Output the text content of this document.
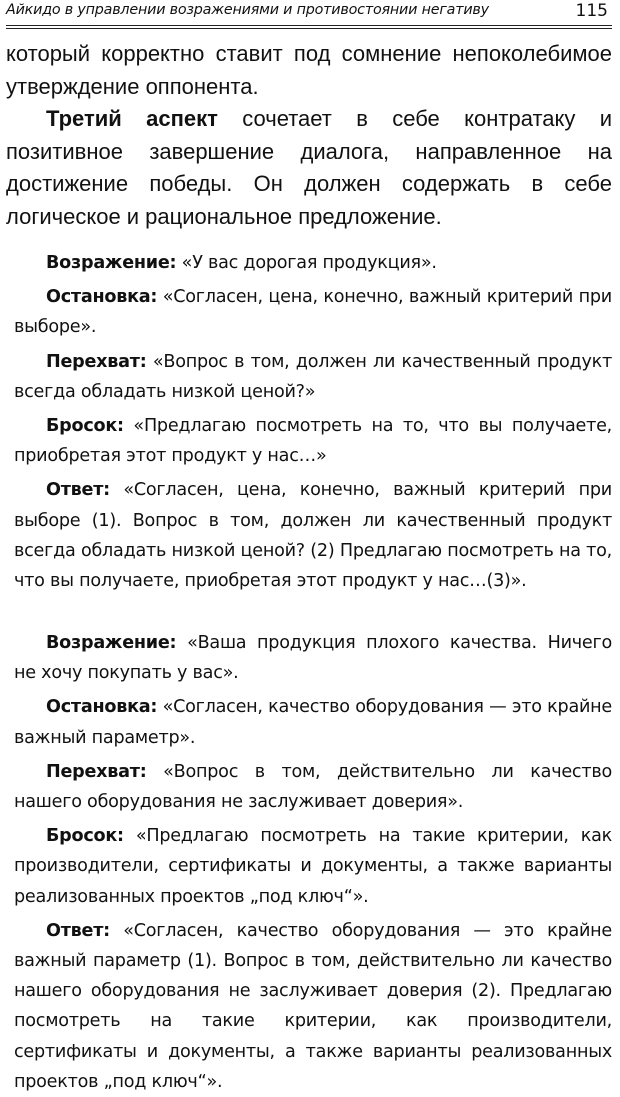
Айкидо в управлении возражениями и противостоянии негативу	115

который корректно ставит под сомнение непоколебимое утверждение оппонента.

Третий аспект сочетает в себе контратаку и позитивное завершение диалога, направленное на достижение победы. Он должен содержать в себе логическое и рациональное предложение.

Возражение: «У вас дорогая продукция».

Остановка: «Согласен, цена, конечно, важный критерий при выборе».

Перехват: «Вопрос в том, должен ли качественный продукт всегда обладать низкой ценой?»

Бросок: «Предлагаю посмотреть на то, что вы получаете, приобретая этот продукт у нас…»

Ответ: «Согласен, цена, конечно, важный критерий при выборе (1). Вопрос в том, должен ли качественный продукт всегда обладать низкой ценой? (2) Предлагаю посмотреть на то, что вы получаете, приобретая этот продукт у нас…(3)».

Возражение: «Ваша продукция плохого качества. Ничего не хочу покупать у вас».

Остановка: «Согласен, качество оборудования — это крайне важный параметр».

Перехват: «Вопрос в том, действительно ли качество нашего оборудования не заслуживает доверия».

Бросок: «Предлагаю посмотреть на такие критерии, как производители, сертификаты и документы, а также варианты реализованных проектов „под ключ“».

Ответ: «Согласен, качество оборудования — это крайне важный параметр (1). Вопрос в том, действительно ли качество нашего оборудования не заслуживает доверия (2). Предлагаю посмотреть на такие критерии, как производители, сертификаты и документы, а также варианты реализованных проектов „под ключ“».
